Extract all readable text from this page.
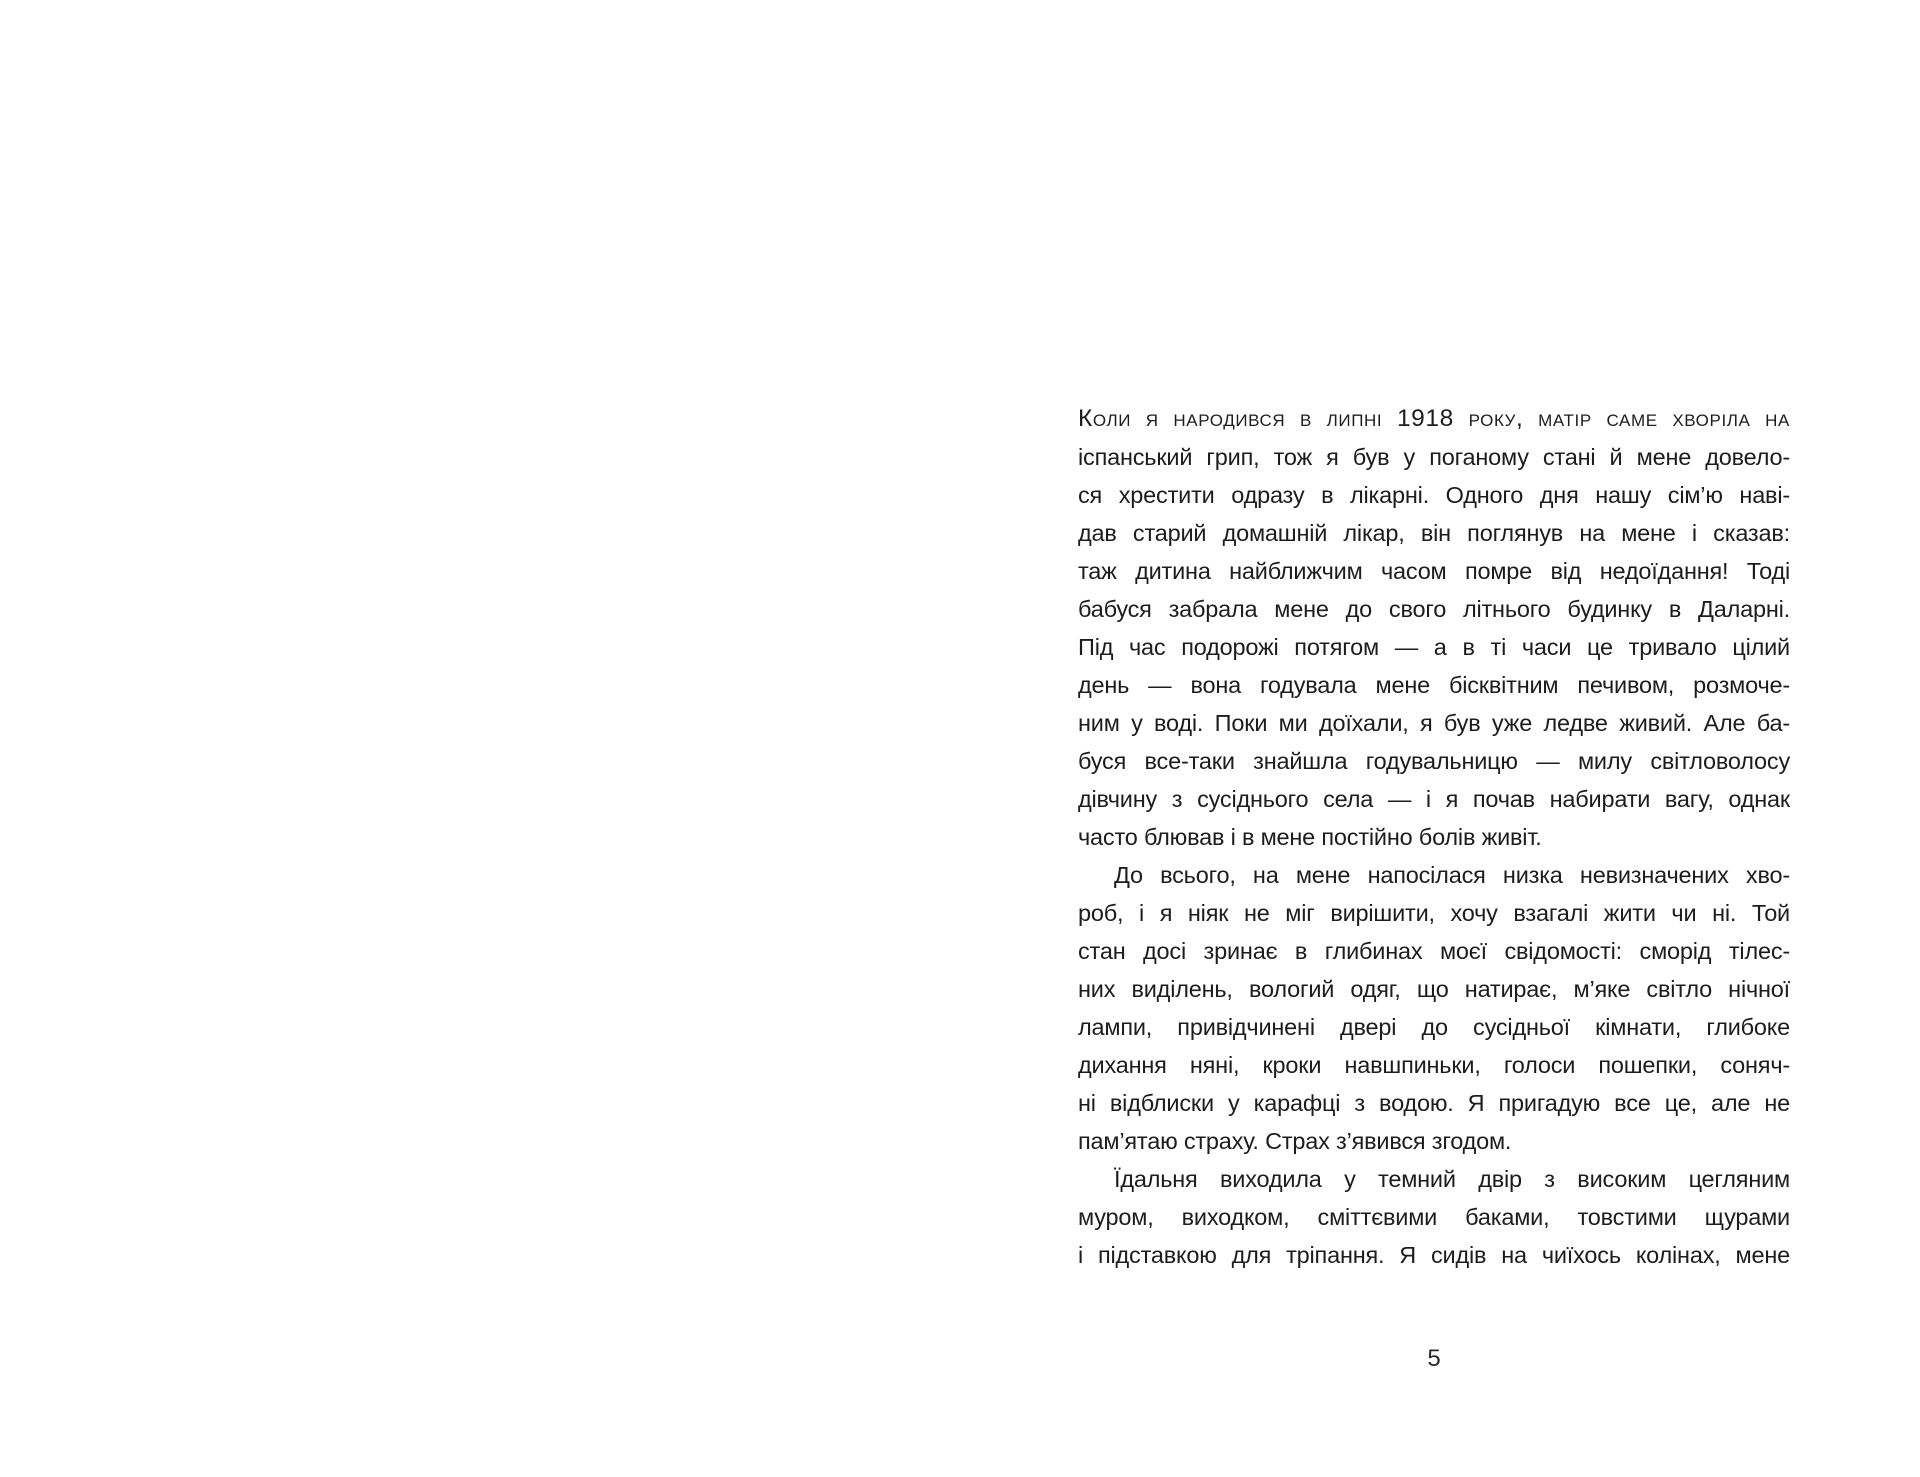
Коли я народився в липні 1918 року, матір саме хворіла на
іспанський грип, тож я був у поганому стані й мене довело-
ся хрестити одразу в лікарні. Одного дня нашу сім’ю наві-
дав старий домашній лікар, він поглянув на мене і сказав:
таж дитина найближчим часом помре від недоїдання! Тоді
бабуся забрала мене до свого літнього будинку в Даларні.
Під час подорожі потягом — а в ті часи це тривало цілий
день — вона годувала мене бісквітним печивом, розмоче-
ним у воді. Поки ми доїхали, я був уже ледве живий. Але ба-
буся все-таки знайшла годувальницю — милу світловолосу
дівчину з сусіднього села — і я почав набирати вагу, однак
часто блював і в мене постійно болів живіт.
До всього, на мене напосілася низка невизначених хво-
роб, і я ніяк не міг вирішити, хочу взагалі жити чи ні. Той
стан досі зринає в глибинах моєї свідомості: сморід тілес-
них виділень, вологий одяг, що натирає, м’яке світло нічної
лампи, привідчинені двері до сусідньої кімнати, глибоке
дихання няні, кроки навшпиньки, голоси пошепки, соняч-
ні відблиски у карафці з водою. Я пригадую все це, але не
пам’ятаю страху. Страх з’явився згодом.
Їдальня виходила у темний двір з високим цегляним
муром, виходком, сміттєвими баками, товстими щурами
і підставкою для тріпання. Я сидів на чиїхось колінах, мене
5
